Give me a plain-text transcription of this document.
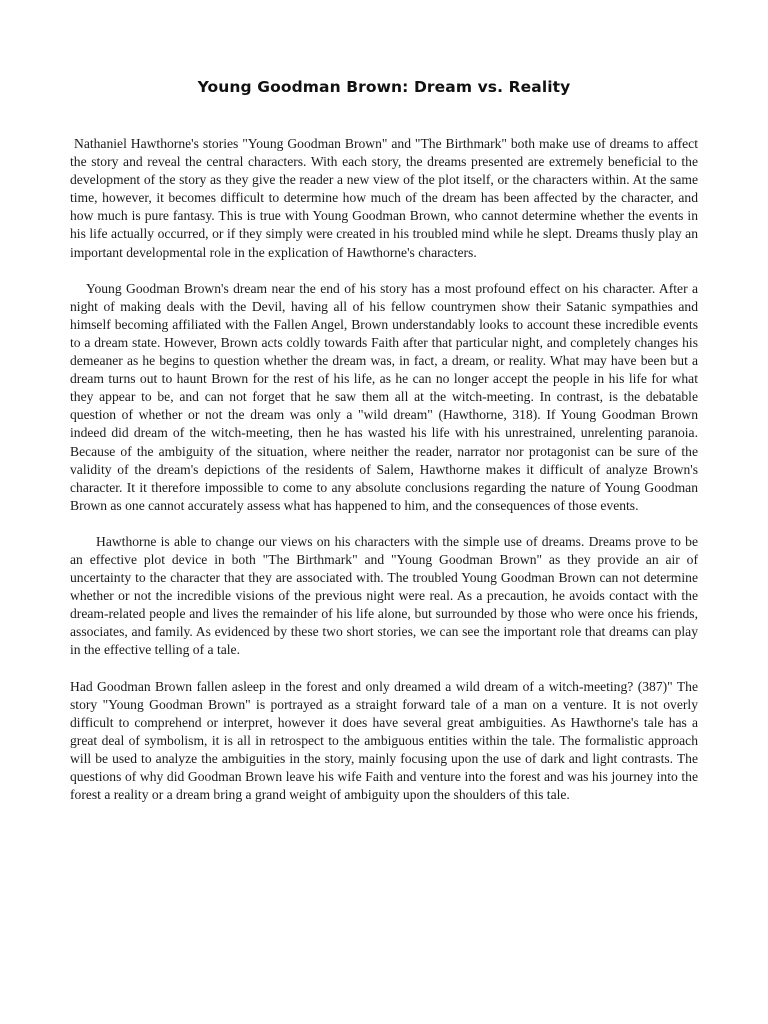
Young Goodman Brown: Dream vs. Reality

Nathaniel Hawthorne's stories "Young Goodman Brown" and "The Birthmark" both make use of dreams to affect the story and reveal the central characters. With each story, the dreams presented are extremely beneficial to the development of the story as they give the reader a new view of the plot itself, or the characters within. At the same time, however, it becomes difficult to determine how much of the dream has been affected by the character, and how much is pure fantasy. This is true with Young Goodman Brown, who cannot determine whether the events in his life actually occurred, or if they simply were created in his troubled mind while he slept. Dreams thusly play an important developmental role in the explication of Hawthorne's characters.

Young Goodman Brown's dream near the end of his story has a most profound effect on his character. After a night of making deals with the Devil, having all of his fellow countrymen show their Satanic sympathies and himself becoming affiliated with the Fallen Angel, Brown understandably looks to account these incredible events to a dream state. However, Brown acts coldly towards Faith after that particular night, and completely changes his demeaner as he begins to question whether the dream was, in fact, a dream, or reality. What may have been but a dream turns out to haunt Brown for the rest of his life, as he can no longer accept the people in his life for what they appear to be, and can not forget that he saw them all at the witch-meeting. In contrast, is the debatable question of whether or not the dream was only a "wild dream" (Hawthorne, 318). If Young Goodman Brown indeed did dream of the witch-meeting, then he has wasted his life with his unrestrained, unrelenting paranoia. Because of the ambiguity of the situation, where neither the reader, narrator nor protagonist can be sure of the validity of the dream's depictions of the residents of Salem, Hawthorne makes it difficult of analyze Brown's character. It it therefore impossible to come to any absolute conclusions regarding the nature of Young Goodman Brown as one cannot accurately assess what has happened to him, and the consequences of those events.

Hawthorne is able to change our views on his characters with the simple use of dreams. Dreams prove to be an effective plot device in both "The Birthmark" and "Young Goodman Brown" as they provide an air of uncertainty to the character that they are associated with. The troubled Young Goodman Brown can not determine whether or not the incredible visions of the previous night were real. As a precaution, he avoids contact with the dream-related people and lives the remainder of his life alone, but surrounded by those who were once his friends, associates, and family. As evidenced by these two short stories, we can see the important role that dreams can play in the effective telling of a tale.

Had Goodman Brown fallen asleep in the forest and only dreamed a wild dream of a witch-meeting? (387)" The story "Young Goodman Brown" is portrayed as a straight forward tale of a man on a venture. It is not overly difficult to comprehend or interpret, however it does have several great ambiguities. As Hawthorne's tale has a great deal of symbolism, it is all in retrospect to the ambiguous entities within the tale. The formalistic approach will be used to analyze the ambiguities in the story, mainly focusing upon the use of dark and light contrasts. The questions of why did Goodman Brown leave his wife Faith and venture into the forest and was his journey into the forest a reality or a dream bring a grand weight of ambiguity upon the shoulders of this tale.
